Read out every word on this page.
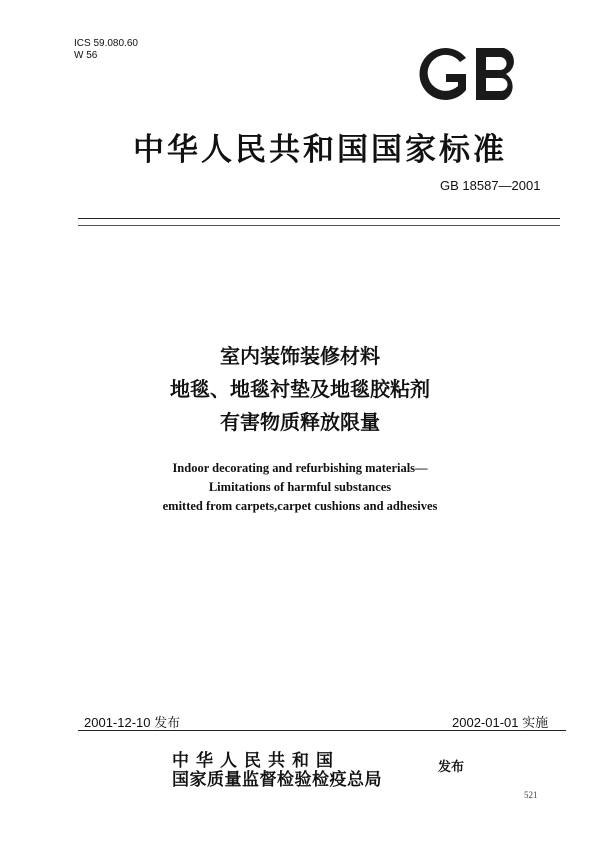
ICS 59.080.60
W 56
中华人民共和国国家标准
GB 18587—2001
室内装饰装修材料
地毯、地毯衬垫及地毯胶粘剂
有害物质释放限量
Indoor decorating and refurbishing materials—
Limitations of harmful substances
emitted from carpets,carpet cushions and adhesives
2001-12-10 发布	2002-01-01 实施
中华人民共和国
国家质量监督检验检疫总局
发布
521
